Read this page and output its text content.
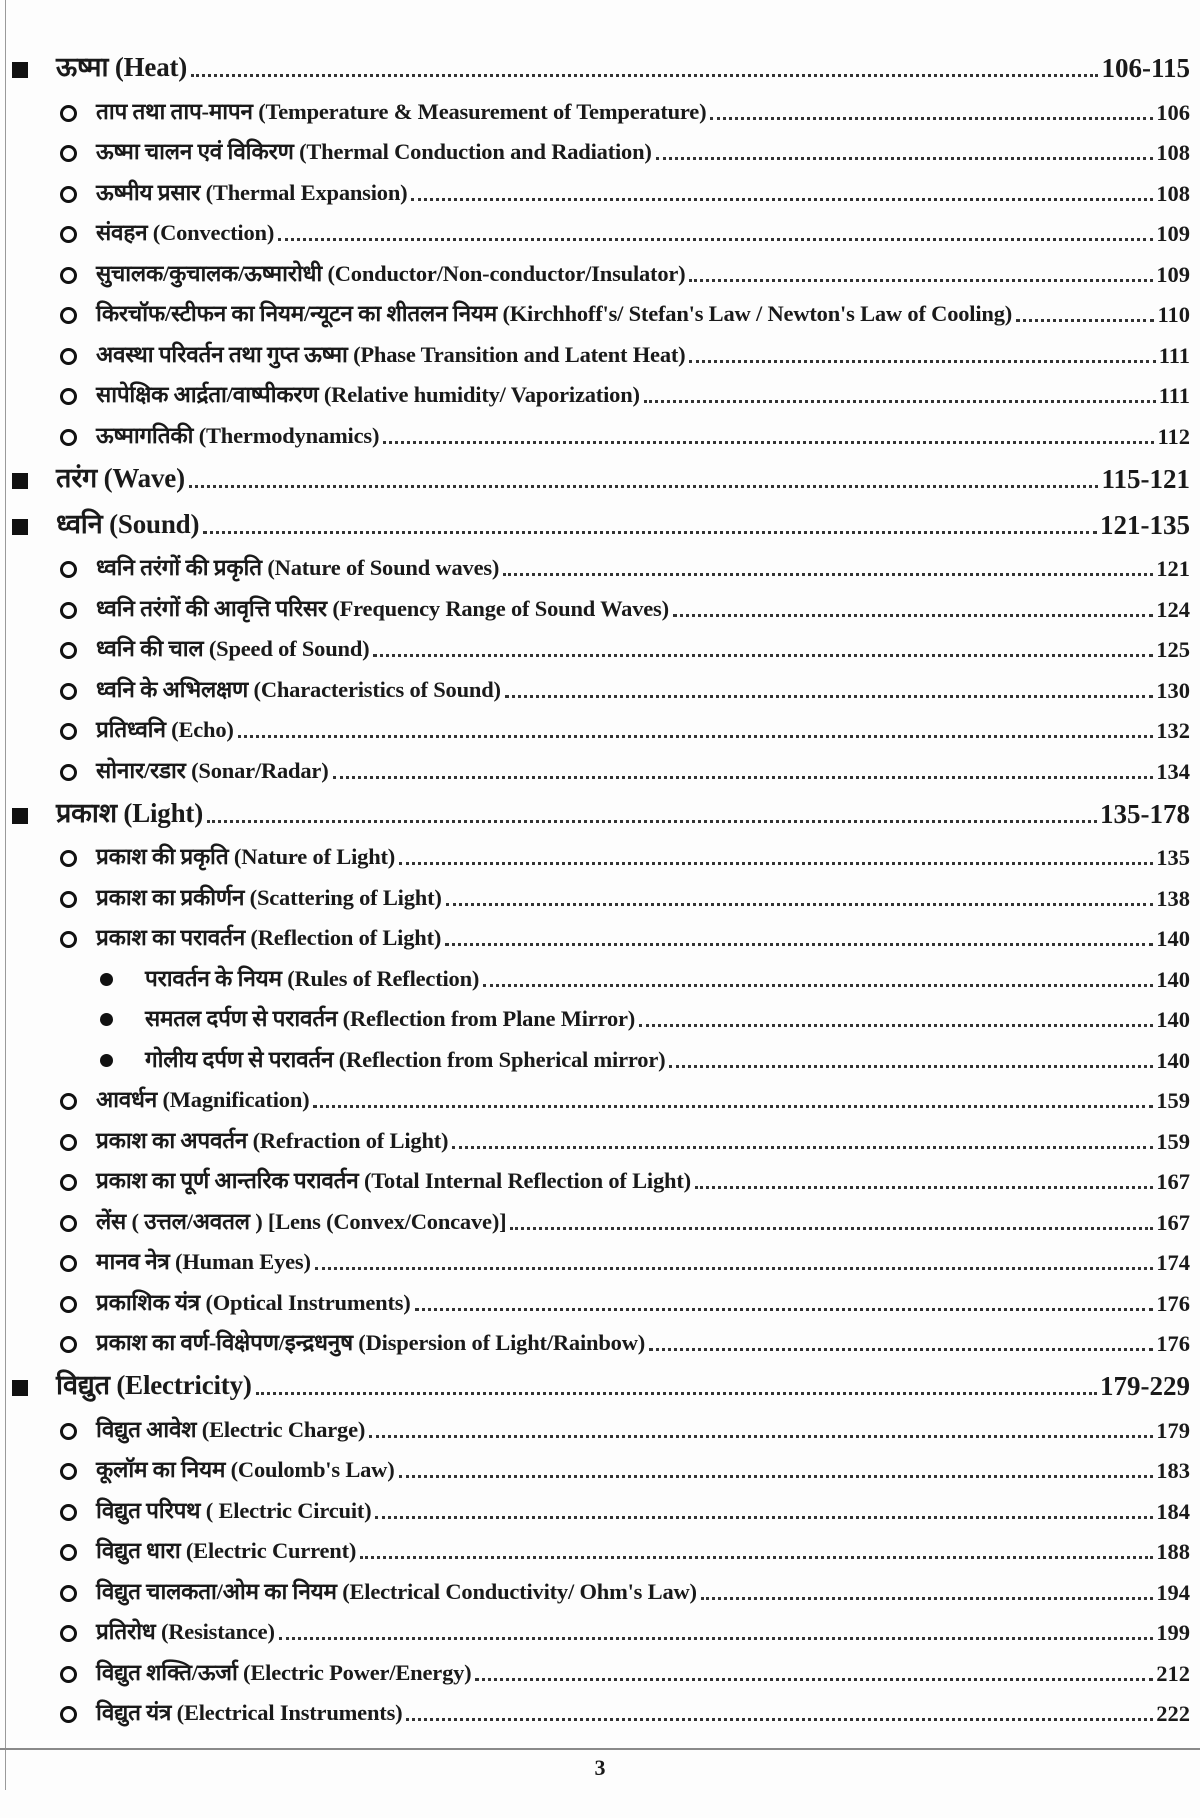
ऊष्मा (Heat)	106-115
ताप तथा ताप-मापन (Temperature & Measurement of Temperature)	106
ऊष्मा चालन एवं विकिरण (Thermal Conduction and Radiation)	108
ऊष्मीय प्रसार (Thermal Expansion)	108
संवहन (Convection)	109
सुचालक/कुचालक/ऊष्मारोधी (Conductor/Non-conductor/Insulator)	109
किरचॉफ/स्टीफन का नियम/न्यूटन का शीतलन नियम (Kirchhoff's/ Stefan's Law / Newton's Law of Cooling)	110
अवस्था परिवर्तन तथा गुप्त ऊष्मा (Phase Transition and Latent Heat)	111
सापेक्षिक आर्द्रता/वाष्पीकरण (Relative humidity/ Vaporization)	111
ऊष्मागतिकी (Thermodynamics)	112
तरंग (Wave)	115-121
ध्वनि (Sound)	121-135
ध्वनि तरंगों की प्रकृति (Nature of Sound waves)	121
ध्वनि तरंगों की आवृत्ति परिसर (Frequency Range of Sound Waves)	124
ध्वनि की चाल (Speed of Sound)	125
ध्वनि के अभिलक्षण (Characteristics of Sound)	130
प्रतिध्वनि (Echo)	132
सोनार/रडार (Sonar/Radar)	134
प्रकाश (Light)	135-178
प्रकाश की प्रकृति (Nature of Light)	135
प्रकाश का प्रकीर्णन (Scattering of Light)	138
प्रकाश का परावर्तन (Reflection of Light)	140
परावर्तन के नियम (Rules of Reflection)	140
समतल दर्पण से परावर्तन (Reflection from Plane Mirror)	140
गोलीय दर्पण से परावर्तन (Reflection from Spherical mirror)	140
आवर्धन (Magnification)	159
प्रकाश का अपवर्तन (Refraction of Light)	159
प्रकाश का पूर्ण आन्तरिक परावर्तन (Total Internal Reflection of Light)	167
लेंस ( उत्तल/अवतल ) [Lens (Convex/Concave)]	167
मानव नेत्र (Human Eyes)	174
प्रकाशिक यंत्र (Optical Instruments)	176
प्रकाश का वर्ण-विक्षेपण/इन्द्रधनुष (Dispersion of Light/Rainbow)	176
विद्युत (Electricity)	179-229
विद्युत आवेश (Electric Charge)	179
कूलॉम का नियम (Coulomb's Law)	183
विद्युत परिपथ ( Electric Circuit)	184
विद्युत धारा (Electric Current)	188
विद्युत चालकता/ओम का नियम (Electrical Conductivity/ Ohm's Law)	194
प्रतिरोध (Resistance)	199
विद्युत शक्ति/ऊर्जा (Electric Power/Energy)	212
विद्युत यंत्र (Electrical Instruments)	222
3
